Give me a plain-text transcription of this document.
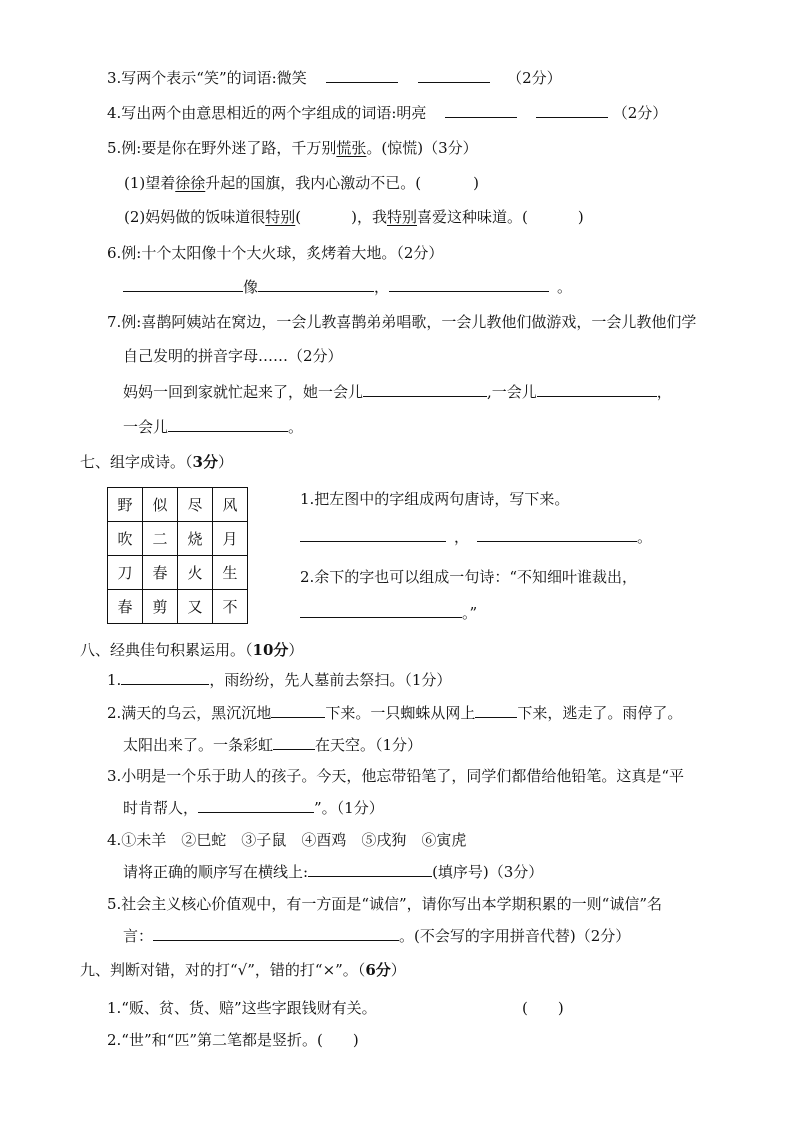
3.写两个表示“笑”的词语:微笑	（2分）
4.写出两个由意思相近的两个字组成的词语:明亮	（2分）
5.例:要是你在野外迷了路，千万别慌张。(惊慌)（3分）
(1)望着徐徐升起的国旗，我内心激动不已。(	)
(2)妈妈做的饭味道很特别(	)，我特别喜爱这种味道。(	)
6.例:十个太阳像十个大火球，炙烤着大地。（2分）
像	，	。
7.例:喜鹊阿姨站在窝边，一会儿教喜鹊弟弟唱歌，一会儿教他们做游戏，一会儿教他们学
自己发明的拼音字母……（2分）
妈妈一回到家就忙起来了，她一会儿	,一会儿	，
一会儿	。
七、组字成诗。（3分）
野	似	尽	风
吹	二	烧	月
刀	春	火	生
春	剪	又	不
1.把左图中的字组成两句唐诗，写下来。
，	。
2.余下的字也可以组成一句诗：“不知细叶谁裁出，
。”
八、经典佳句积累运用。（10分）
1.	，雨纷纷，先人墓前去祭扫。（1分）
2.满天的乌云，黑沉沉地	下来。一只蜘蛛从网上	下来，逃走了。雨停了。
太阳出来了。一条彩虹	在天空。（1分）
3.小明是一个乐于助人的孩子。今天，他忘带铅笔了，同学们都借给他铅笔。这真是“平
时肯帮人，	”。（1分）
4.①未羊　②巳蛇　③子鼠　④酉鸡　⑤戌狗　⑥寅虎
请将正确的顺序写在横线上:	(填序号)（3分）
5.社会主义核心价值观中，有一方面是“诚信”，请你写出本学期积累的一则“诚信”名
言：	。(不会写的字用拼音代替)（2分）
九、判断对错，对的打“√”，错的打“×”。（6分）
1.“贩、贫、货、赔”这些字跟钱财有关。	(　　)
2.“世”和“匹”第二笔都是竖折。(　　)
